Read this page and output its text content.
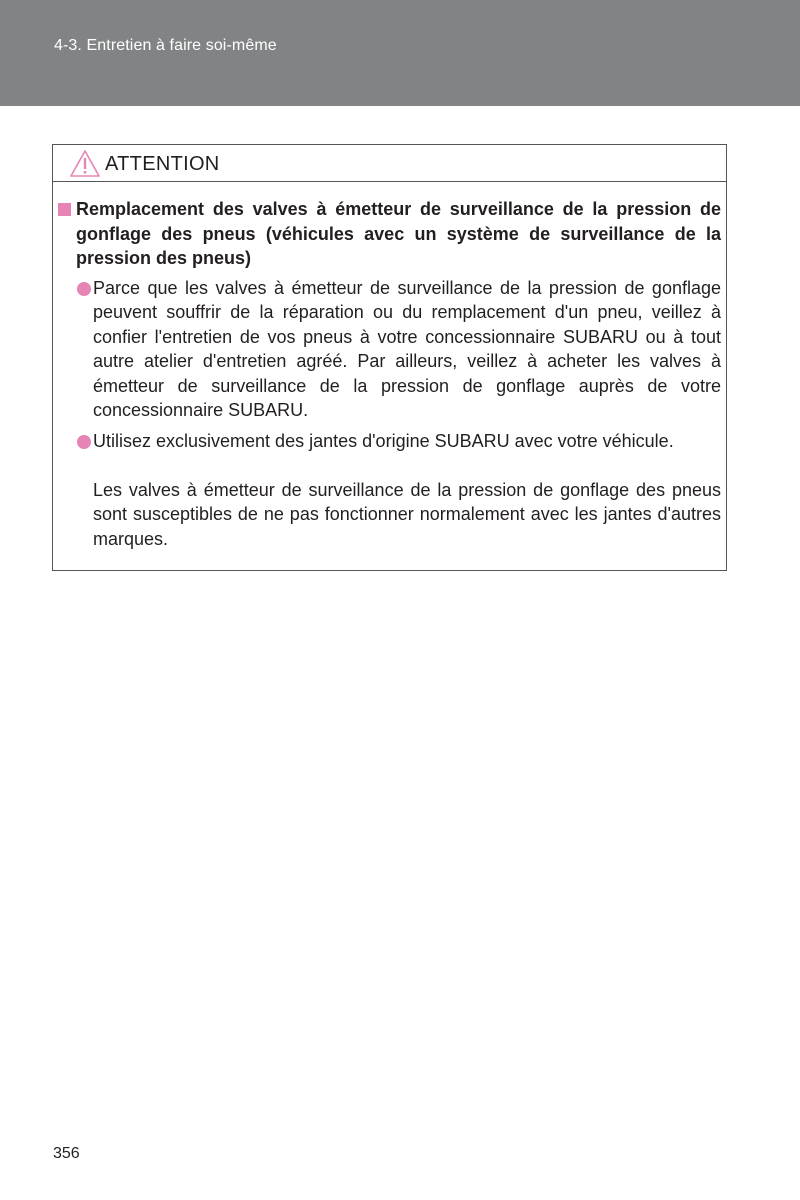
4-3. Entretien à faire soi-même
ATTENTION

Remplacement des valves à émetteur de surveillance de la pression de gonflage des pneus (véhicules avec un système de surveillance de la pression des pneus)

Parce que les valves à émetteur de surveillance de la pression de gonflage peuvent souffrir de la réparation ou du remplacement d'un pneu, veillez à confier l'entretien de vos pneus à votre concessionnaire SUBARU ou à tout autre atelier d'entretien agréé. Par ailleurs, veillez à acheter les valves à émetteur de surveillance de la pression de gonflage auprès de votre concessionnaire SUBARU.

Utilisez exclusivement des jantes d'origine SUBARU avec votre véhicule.

Les valves à émetteur de surveillance de la pression de gonflage des pneus sont susceptibles de ne pas fonctionner normalement avec les jantes d'autres marques.

356
